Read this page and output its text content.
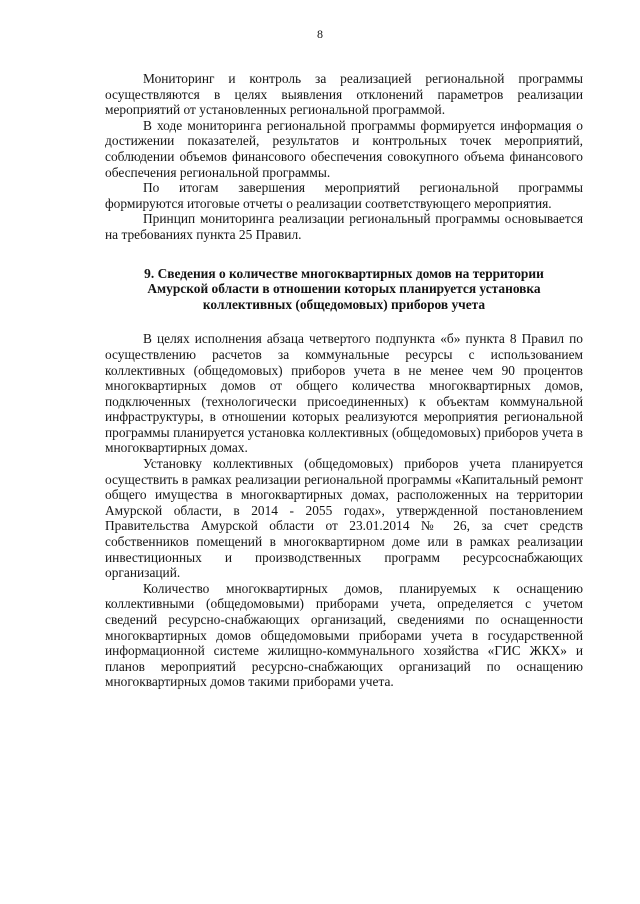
8

Мониторинг и контроль за реализацией региональной программы осуществляются в целях выявления отклонений параметров реализации мероприятий от установленных региональной программой.

В ходе мониторинга региональной программы формируется информация о достижении показателей, результатов и контрольных точек мероприятий, соблюдении объемов финансового обеспечения совокупного объема финансового обеспечения региональной программы.

По итогам завершения мероприятий региональной программы формируются итоговые отчеты о реализации соответствующего мероприятия.

Принцип мониторинга реализации региональный программы основывается на требованиях пункта 25 Правил.

9. Сведения о количестве многоквартирных домов на территории
Амурской области в отношении которых планируется установка
коллективных (общедомовых) приборов учета

В целях исполнения абзаца четвертого подпункта «б» пункта 8 Правил по осуществлению расчетов за коммунальные ресурсы с использованием коллективных (общедомовых) приборов учета в не менее чем 90 процентов многоквартирных домов от общего количества многоквартирных домов, подключенных (технологически присоединенных) к объектам коммунальной инфраструктуры, в отношении которых реализуются мероприятия региональной программы планируется установка коллективных (общедомовых) приборов учета в многоквартирных домах.

Установку коллективных (общедомовых) приборов учета планируется осуществить в рамках реализации региональной программы «Капитальный ремонт общего имущества в многоквартирных домах, расположенных на территории Амурской области, в 2014 - 2055 годах», утвержденной постановлением Правительства Амурской области от 23.01.2014 № 26, за счет средств собственников помещений в многоквартирном доме или в рамках реализации инвестиционных и производственных программ ресурсоснабжающих организаций.

Количество многоквартирных домов, планируемых к оснащению коллективными (общедомовыми) приборами учета, определяется с учетом сведений ресурсно-снабжающих организаций, сведениями по оснащенности многоквартирных домов общедомовыми приборами учета в государственной информационной системе жилищно-коммунального хозяйства «ГИС ЖКХ» и планов мероприятий ресурсно-снабжающих организаций по оснащению многоквартирных домов такими приборами учета.
